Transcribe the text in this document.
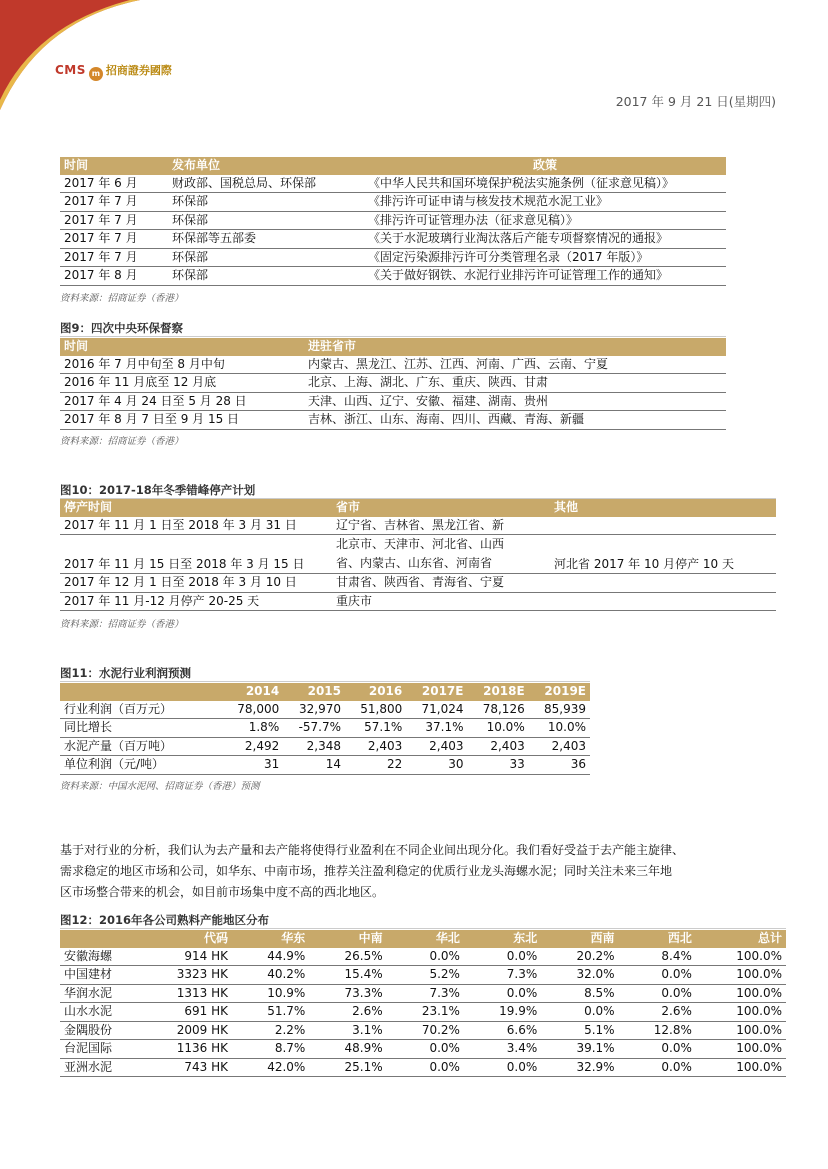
CMS m 招商證券國際
2017 年 9 月 21 日(星期四)
时间	发布单位	政策
2017 年 6 月	财政部、国税总局、环保部	《中华人民共和国环境保护税法实施条例（征求意见稿）》
2017 年 7 月	环保部	《排污许可证申请与核发技术规范水泥工业》
2017 年 7 月	环保部	《排污许可证管理办法（征求意见稿）》
2017 年 7 月	环保部等五部委	《关于水泥玻璃行业淘汰落后产能专项督察情况的通报》
2017 年 7 月	环保部	《固定污染源排污许可分类管理名录（2017 年版）》
2017 年 8 月	环保部	《关于做好钢铁、水泥行业排污许可证管理工作的通知》
资料来源：招商证券（香港）
图9：四次中央环保督察
时间	进驻省市
2016 年 7 月中旬至 8 月中旬	内蒙古、黑龙江、江苏、江西、河南、广西、云南、宁夏
2016 年 11 月底至 12 月底	北京、上海、湖北、广东、重庆、陕西、甘肃
2017 年 4 月 24 日至 5 月 28 日	天津、山西、辽宁、安徽、福建、湖南、贵州
2017 年 8 月 7 日至 9 月 15 日	吉林、浙江、山东、海南、四川、西藏、青海、新疆
资料来源：招商证券（香港）
图10：2017-18年冬季错峰停产计划
停产时间	省市	其他
2017 年 11 月 1 日至 2018 年 3 月 31 日	辽宁省、吉林省、黑龙江省、新	
2017 年 11 月 15 日至 2018 年 3 月 15 日	北京市、天津市、河北省、山西
省、内蒙古、山东省、河南省	河北省 2017 年 10 月停产 10 天
2017 年 12 月 1 日至 2018 年 3 月 10 日	甘肃省、陕西省、青海省、宁夏	
2017 年 11 月-12 月停产 20-25 天	重庆市	
资料来源：招商证券（香港）
图11：水泥行业利润预测
	2014	2015	2016	2017E	2018E	2019E
行业利润（百万元）	78,000	32,970	51,800	71,024	78,126	85,939
同比增长	1.8%	-57.7%	57.1%	37.1%	10.0%	10.0%
水泥产量（百万吨）	2,492	2,348	2,403	2,403	2,403	2,403
单位利润（元/吨）	31	14	22	30	33	36
资料来源：中国水泥网、招商证券（香港）预测
基于对行业的分析，我们认为去产量和去产能将使得行业盈利在不同企业间出现分化。我们看好受益于去产能主旋律、
需求稳定的地区市场和公司，如华东、中南市场，推荐关注盈利稳定的优质行业龙头海螺水泥；同时关注未来三年地
区市场整合带来的机会，如目前市场集中度不高的西北地区。
图12：2016年各公司熟料产能地区分布
	代码	华东	中南	华北	东北	西南	西北	总计
安徽海螺	914 HK	44.9%	26.5%	0.0%	0.0%	20.2%	8.4%	100.0%
中国建材	3323 HK	40.2%	15.4%	5.2%	7.3%	32.0%	0.0%	100.0%
华润水泥	1313 HK	10.9%	73.3%	7.3%	0.0%	8.5%	0.0%	100.0%
山水水泥	691 HK	51.7%	2.6%	23.1%	19.9%	0.0%	2.6%	100.0%
金隅股份	2009 HK	2.2%	3.1%	70.2%	6.6%	5.1%	12.8%	100.0%
台泥国际	1136 HK	8.7%	48.9%	0.0%	3.4%	39.1%	0.0%	100.0%
亚洲水泥	743 HK	42.0%	25.1%	0.0%	0.0%	32.9%	0.0%	100.0%
